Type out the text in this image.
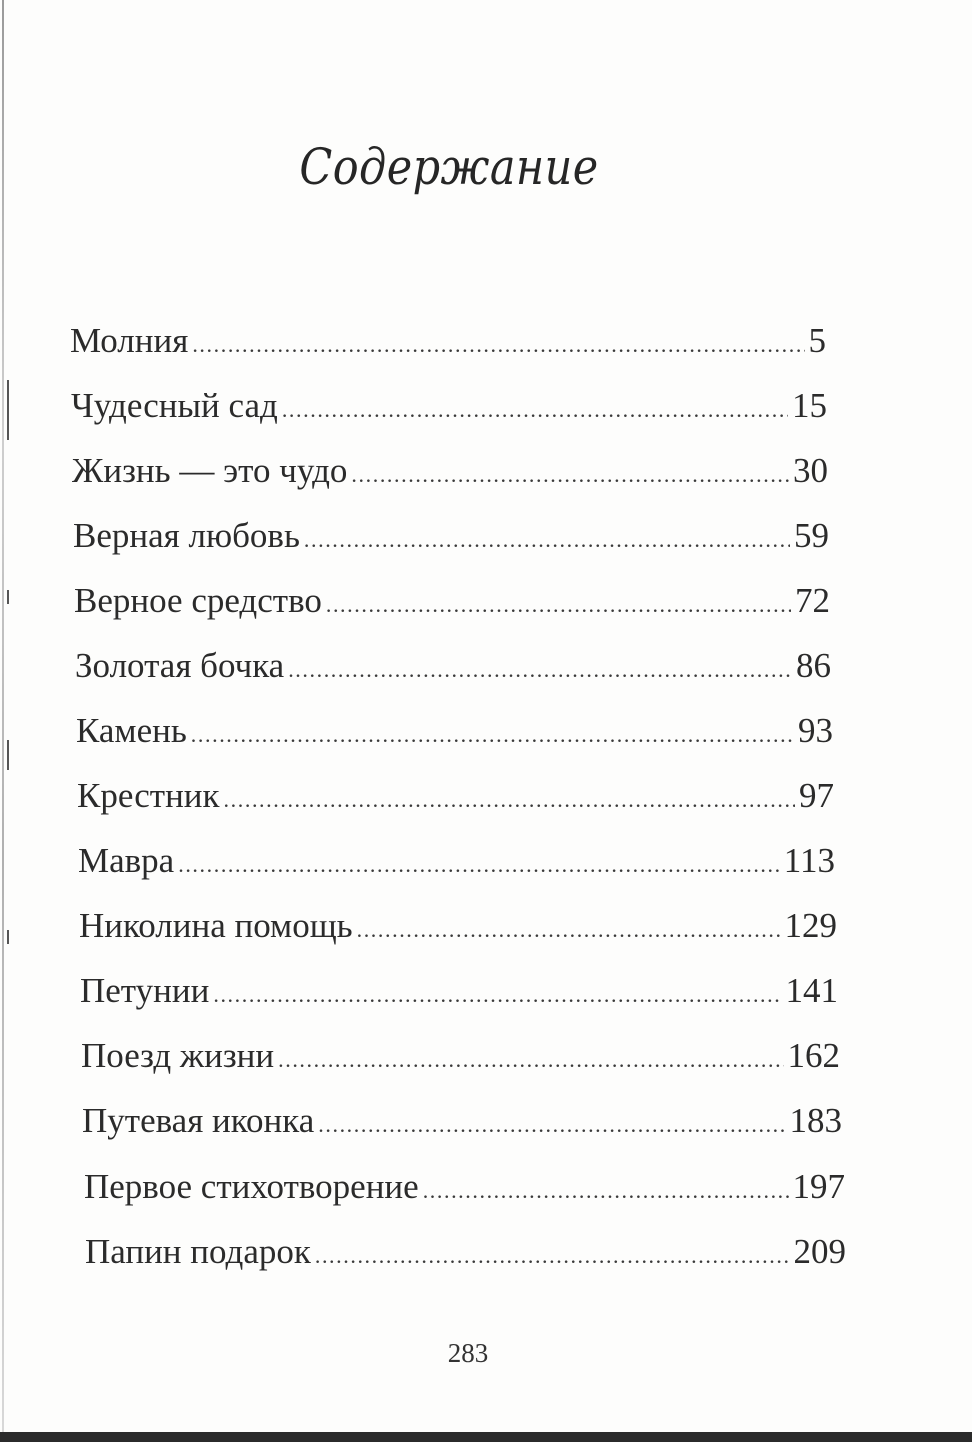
Содержание
Молния .....	5
Чудесный сад .....	15
Жизнь — это чудо .....	30
Верная любовь .....	59
Верное средство .....	72
Золотая бочка .....	86
Камень .....	93
Крестник .....	97
Мавра .....	113
Николина помощь .....	129
Петунии .....	141
Поезд жизни .....	162
Путевая иконка .....	183
Первое стихотворение .....	197
Папин подарок .....	209
283
